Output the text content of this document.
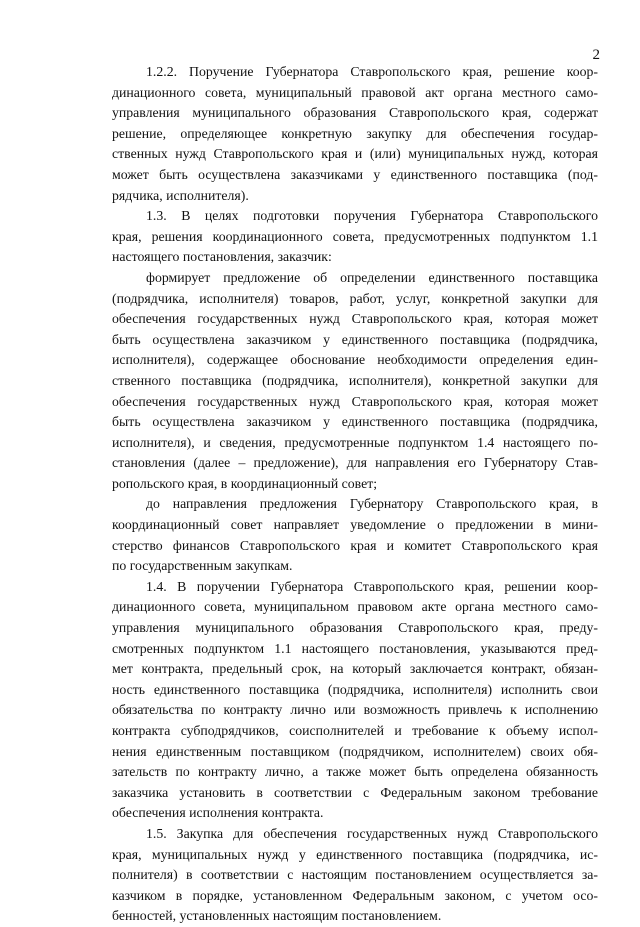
2
1.2.2. Поручение Губернатора Ставропольского края, решение коор-
динационного совета, муниципальный правовой акт органа местного само-
управления муниципального образования Ставропольского края, содержат
решение, определяющее конкретную закупку для обеспечения государ-
ственных нужд Ставропольского края и (или) муниципальных нужд, которая
может быть осуществлена заказчиками у единственного поставщика (под-
рядчика, исполнителя).
1.3. В целях подготовки поручения Губернатора Ставропольского
края, решения координационного совета, предусмотренных подпунктом 1.1
настоящего постановления, заказчик:
формирует предложение об определении единственного поставщика
(подрядчика, исполнителя) товаров, работ, услуг, конкретной закупки для
обеспечения государственных нужд Ставропольского края, которая может
быть осуществлена заказчиком у единственного поставщика (подрядчика,
исполнителя), содержащее обоснование необходимости определения един-
ственного поставщика (подрядчика, исполнителя), конкретной закупки для
обеспечения государственных нужд Ставропольского края, которая может
быть осуществлена заказчиком у единственного поставщика (подрядчика,
исполнителя), и сведения, предусмотренные подпунктом 1.4 настоящего по-
становления (далее – предложение), для направления его Губернатору Став-
ропольского края, в координационный совет;
до направления предложения Губернатору Ставропольского края, в
координационный совет направляет уведомление о предложении в мини-
стерство финансов Ставропольского края и комитет Ставропольского края
по государственным закупкам.
1.4. В поручении Губернатора Ставропольского края, решении коор-
динационного совета, муниципальном правовом акте органа местного само-
управления муниципального образования Ставропольского края, преду-
смотренных подпунктом 1.1 настоящего постановления, указываются пред-
мет контракта, предельный срок, на который заключается контракт, обязан-
ность единственного поставщика (подрядчика, исполнителя) исполнить свои
обязательства по контракту лично или возможность привлечь к исполнению
контракта субподрядчиков, соисполнителей и требование к объему испол-
нения единственным поставщиком (подрядчиком, исполнителем) своих обя-
зательств по контракту лично, а также может быть определена обязанность
заказчика установить в соответствии с Федеральным законом требование
обеспечения исполнения контракта.
1.5. Закупка для обеспечения государственных нужд Ставропольского
края, муниципальных нужд у единственного поставщика (подрядчика, ис-
полнителя) в соответствии с настоящим постановлением осуществляется за-
казчиком в порядке, установленном Федеральным законом, с учетом осо-
бенностей, установленных настоящим постановлением.
